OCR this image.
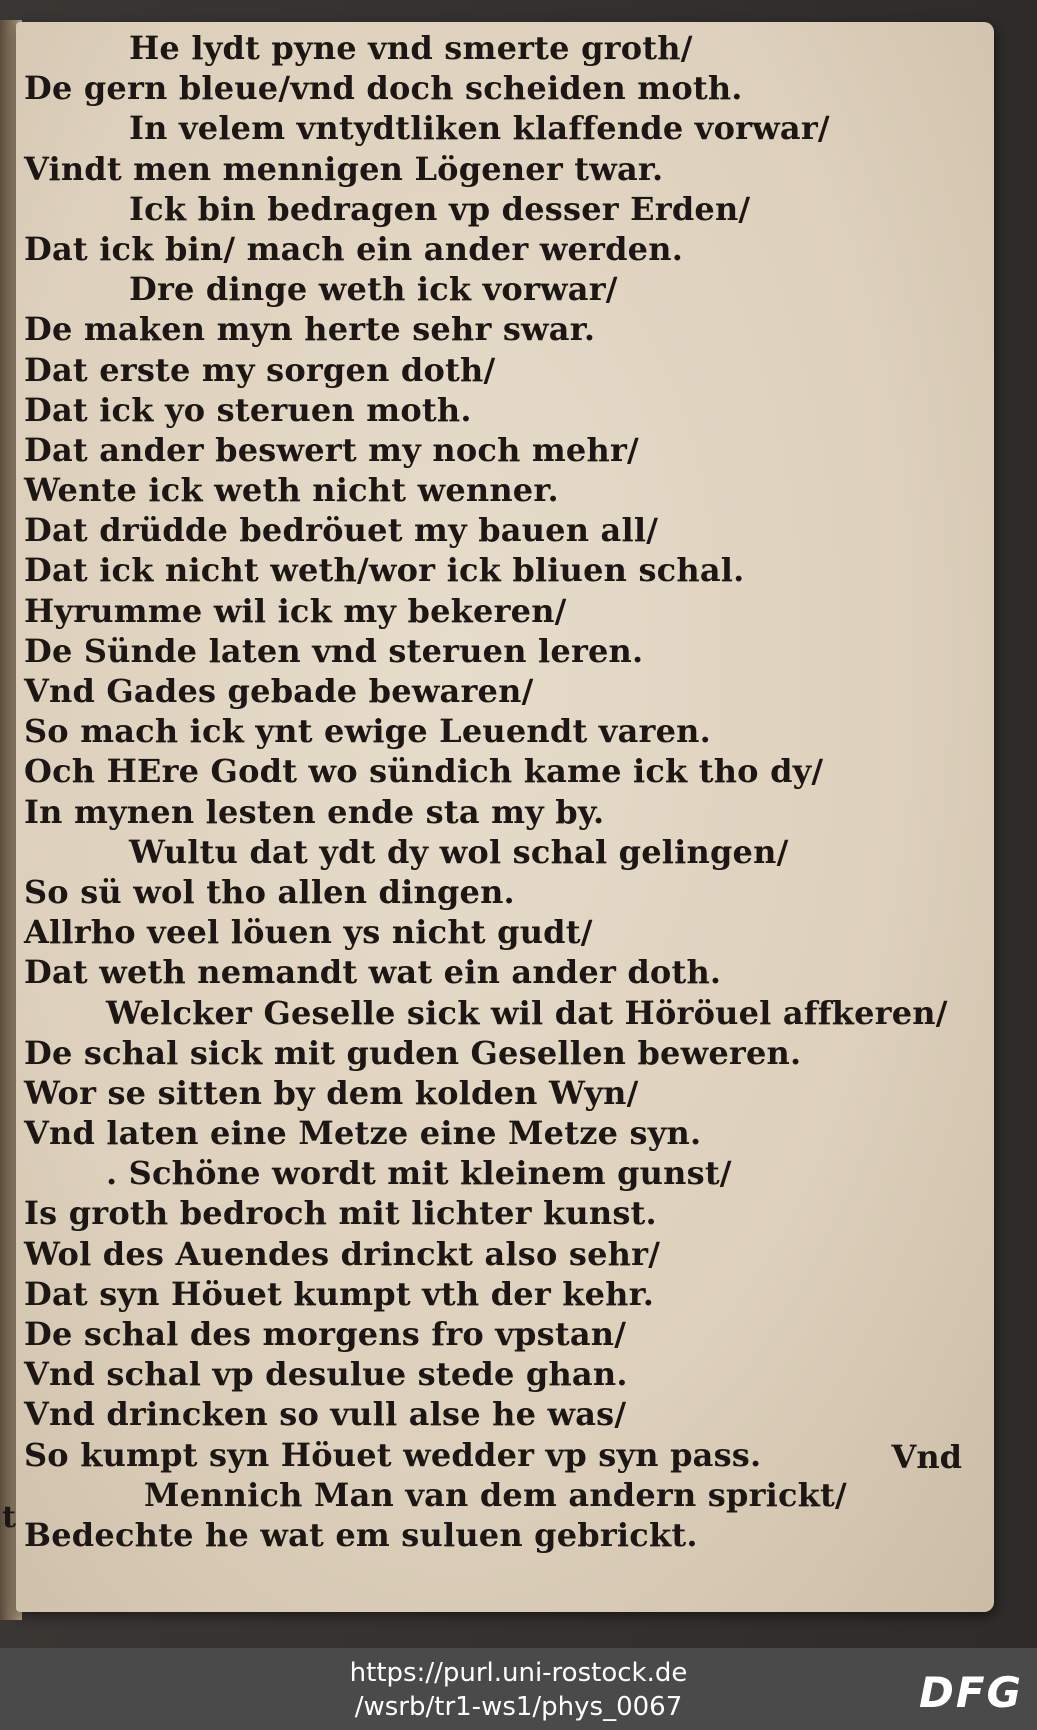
He lydt pyne vnd smerte groth/
De gern bleue/vnd doch scheiden moth.
In velem vntydtliken klaffende vorwar/
Vindt men mennigen Lögener twar.
Ick bin bedragen vp desser Erden/
Dat ick bin/ mach ein ander werden.
Dre dinge weth ick vorwar/
De maken myn herte sehr swar.
Dat erste my sorgen doth/
Dat ick yo steruen moth.
Dat ander beswert my noch mehr/
Wente ick weth nicht wenner.
Dat drüdde bedröuet my bauen all/
Dat ick nicht weth/wor ick bliuen schal.
Hyrumme wil ick my bekeren/
De Sünde laten vnd steruen leren.
Vnd Gades gebade bewaren/
So mach ick ynt ewige Leuendt varen.
Och HEre Godt wo sündich kame ick tho dy/
In mynen lesten ende sta my by.
Wultu dat ydt dy wol schal gelingen/
So sü wol tho allen dingen.
Allrho veel löuen ys nicht gudt/
Dat weth nemandt wat ein ander doth.
Welcker Geselle sick wil dat Höröuel affkeren/
De schal sick mit guden Gesellen beweren.
Wor se sitten by dem kolden Wyn/
Vnd laten eine Metze eine Metze syn.
. Schöne wordt mit kleinem gunst/
Is groth bedroch mit lichter kunst.
Wol des Auendes drinckt also sehr/
Dat syn Höuet kumpt vth der kehr.
De schal des morgens fro vpstan/
Vnd schal vp desulue stede ghan.
Vnd drincken so vull alse he was/
So kumpt syn Höuet wedder vp syn pass.
Mennich Man van dem andern sprickt/
Bedechte he wat em suluen gebrickt.
Vnd
t
https://purl.uni-rostock.de
/wsrb/tr1-ws1/phys_0067	DFG
